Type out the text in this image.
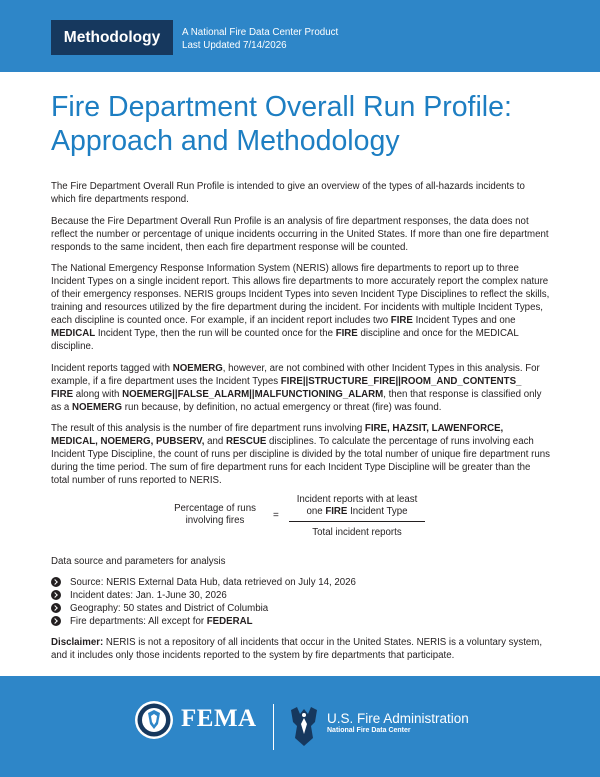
Methodology	A National Fire Data Center Product
Last Updated 7/14/2026
Fire Department Overall Run Profile:
Approach and Methodology

The Fire Department Overall Run Profile is intended to give an overview of the types of all-hazards incidents to which fire departments respond.

Because the Fire Department Overall Run Profile is an analysis of fire department responses, the data does not reflect the number or percentage of unique incidents occurring in the United States. If more than one fire department responds to the same incident, then each fire department response will be counted.

The National Emergency Response Information System (NERIS) allows fire departments to report up to three Incident Types on a single incident report. This allows fire departments to more accurately report the complex nature of their emergency responses. NERIS groups Incident Types into seven Incident Type Disciplines to reflect the skills, training and resources utilized by the fire department during the incident. For incidents with multiple Incident Types, each discipline is counted once. For example, if an incident report includes two FIRE Incident Types and one MEDICAL Incident Type, then the run will be counted once for the FIRE discipline and once for the MEDICAL discipline.

Incident reports tagged with NOEMERG, however, are not combined with other Incident Types in this analysis. For example, if a fire department uses the Incident Types FIRE||STRUCTURE_FIRE||ROOM_AND_CONTENTS_
FIRE along with NOEMERG||FALSE_ALARM||MALFUNCTIONING_ALARM, then that response is classified only as a NOEMERG run because, by definition, no actual emergency or threat (fire) was found.

The result of this analysis is the number of fire department runs involving FIRE, HAZSIT, LAWENFORCE, MEDICAL, NOEMERG, PUBSERV, and RESCUE disciplines. To calculate the percentage of runs involving each Incident Type Discipline, the count of runs per discipline is divided by the total number of unique fire department runs during the time period. The sum of fire department runs for each Incident Type Discipline will be greater than the total number of runs reported to NERIS.

Percentage of runs
involving fires	=
Incident reports with at least
one FIRE Incident Type
Total incident reports

Data source and parameters for analysis

Source: NERIS External Data Hub, data retrieved on July 14, 2026
Incident dates: Jan. 1-June 30, 2026
Geography: 50 states and District of Columbia
Fire departments: All except for FEDERAL

Disclaimer: NERIS is not a repository of all incidents that occur in the United States. NERIS is a voluntary system, and it includes only those incidents reported to the system by fire departments that participate.

FEMA	U.S. Fire Administration
National Fire Data Center
